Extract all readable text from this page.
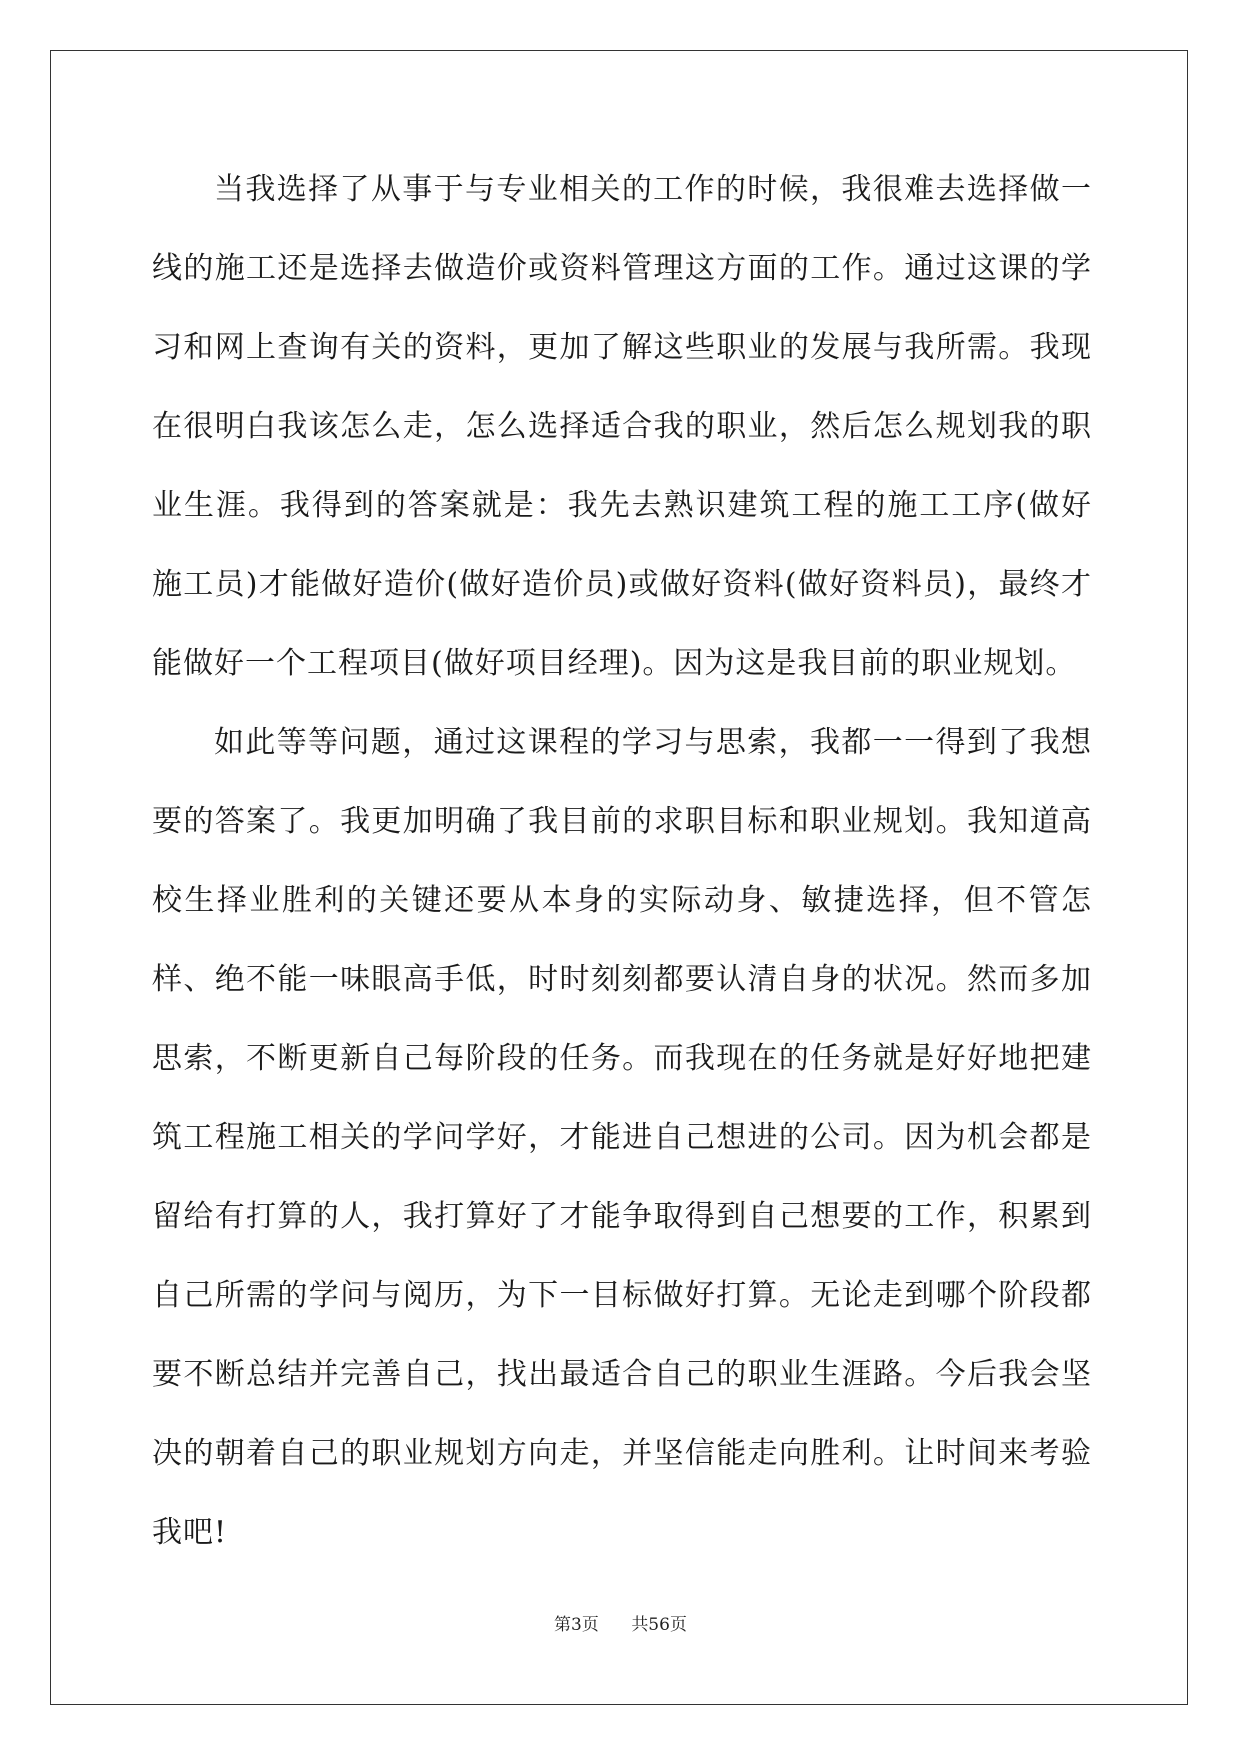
当我选择了从事于与专业相关的工作的时候，我很难去选择做一线的施工还是选择去做造价或资料管理这方面的工作。通过这课的学习和网上查询有关的资料，更加了解这些职业的发展与我所需。我现在很明白我该怎么走，怎么选择适合我的职业，然后怎么规划我的职业生涯。我得到的答案就是：我先去熟识建筑工程的施工工序(做好施工员)才能做好造价(做好造价员)或做好资料(做好资料员)，最终才能做好一个工程项目(做好项目经理)。因为这是我目前的职业规划。

如此等等问题，通过这课程的学习与思索，我都一一得到了我想要的答案了。我更加明确了我目前的求职目标和职业规划。我知道高校生择业胜利的关键还要从本身的实际动身、敏捷选择，但不管怎样、绝不能一味眼高手低，时时刻刻都要认清自身的状况。然而多加思索，不断更新自己每阶段的任务。而我现在的任务就是好好地把建筑工程施工相关的学问学好，才能进自己想进的公司。因为机会都是留给有打算的人，我打算好了才能争取得到自己想要的工作，积累到自己所需的学问与阅历，为下一目标做好打算。无论走到哪个阶段都要不断总结并完善自己，找出最适合自己的职业生涯路。今后我会坚决的朝着自己的职业规划方向走，并坚信能走向胜利。让时间来考验我吧!

第3页 共56页
